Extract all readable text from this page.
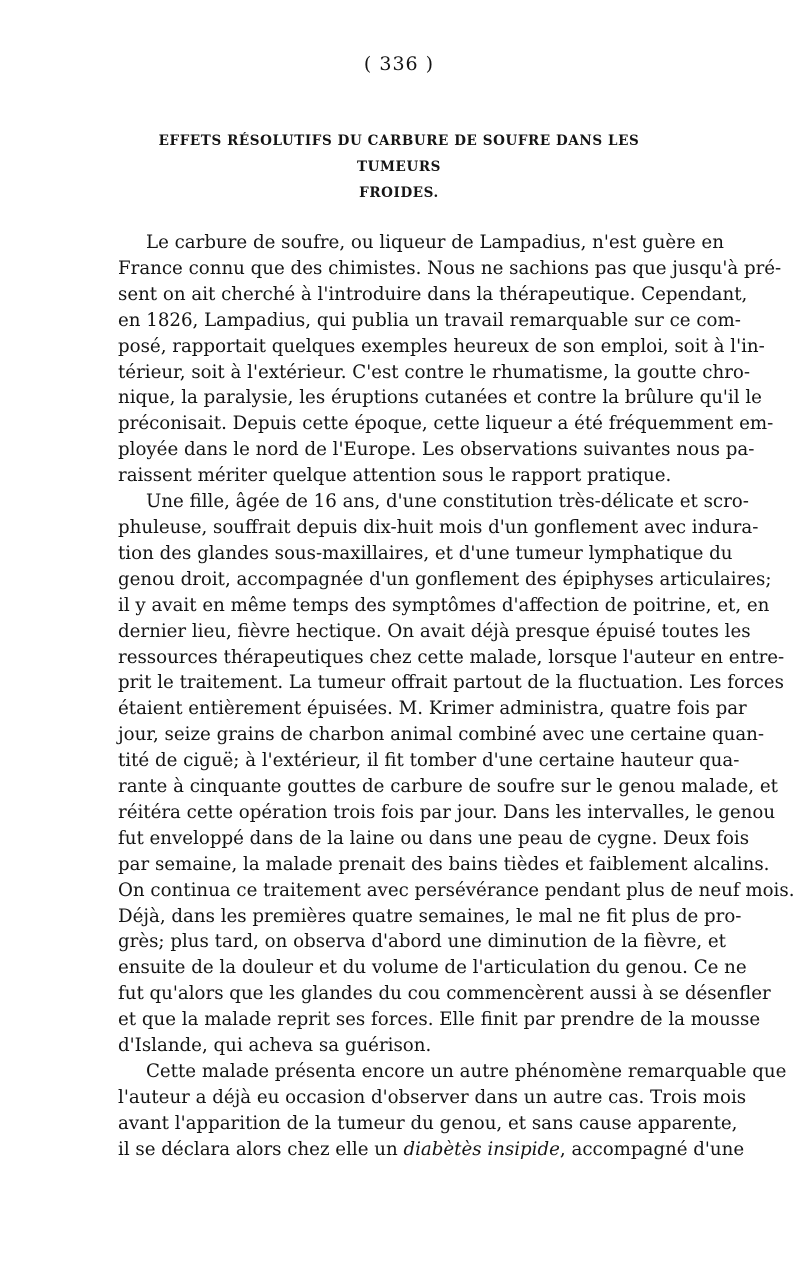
( 336 )
EFFETS RÉSOLUTIFS DU CARBURE DE SOUFRE DANS LES TUMEURS
FROIDES.
Le carbure de soufre, ou liqueur de Lampadius, n'est guère en
France connu que des chimistes. Nous ne sachions pas que jusqu'à pré-
sent on ait cherché à l'introduire dans la thérapeutique. Cependant,
en 1826, Lampadius, qui publia un travail remarquable sur ce com-
posé, rapportait quelques exemples heureux de son emploi, soit à l'in-
térieur, soit à l'extérieur. C'est contre le rhumatisme, la goutte chro-
nique, la paralysie, les éruptions cutanées et contre la brûlure qu'il le
préconisait. Depuis cette époque, cette liqueur a été fréquemment em-
ployée dans le nord de l'Europe. Les observations suivantes nous pa-
raissent mériter quelque attention sous le rapport pratique.
Une fille, âgée de 16 ans, d'une constitution très-délicate et scro-
phuleuse, souffrait depuis dix-huit mois d'un gonflement avec indura-
tion des glandes sous-maxillaires, et d'une tumeur lymphatique du
genou droit, accompagnée d'un gonflement des épiphyses articulaires;
il y avait en même temps des symptômes d'affection de poitrine, et, en
dernier lieu, fièvre hectique. On avait déjà presque épuisé toutes les
ressources thérapeutiques chez cette malade, lorsque l'auteur en entre-
prit le traitement. La tumeur offrait partout de la fluctuation. Les forces
étaient entièrement épuisées. M. Krimer administra, quatre fois par
jour, seize grains de charbon animal combiné avec une certaine quan-
tité de ciguë; à l'extérieur, il fit tomber d'une certaine hauteur qua-
rante à cinquante gouttes de carbure de soufre sur le genou malade, et
réitéra cette opération trois fois par jour. Dans les intervalles, le genou
fut enveloppé dans de la laine ou dans une peau de cygne. Deux fois
par semaine, la malade prenait des bains tièdes et faiblement alcalins.
On continua ce traitement avec persévérance pendant plus de neuf mois.
Déjà, dans les premières quatre semaines, le mal ne fit plus de pro-
grès; plus tard, on observa d'abord une diminution de la fièvre, et
ensuite de la douleur et du volume de l'articulation du genou. Ce ne
fut qu'alors que les glandes du cou commencèrent aussi à se désenfler
et que la malade reprit ses forces. Elle finit par prendre de la mousse
d'Islande, qui acheva sa guérison.
Cette malade présenta encore un autre phénomène remarquable que
l'auteur a déjà eu occasion d'observer dans un autre cas. Trois mois
avant l'apparition de la tumeur du genou, et sans cause apparente,
il se déclara alors chez elle un diabètès insipide, accompagné d'une
